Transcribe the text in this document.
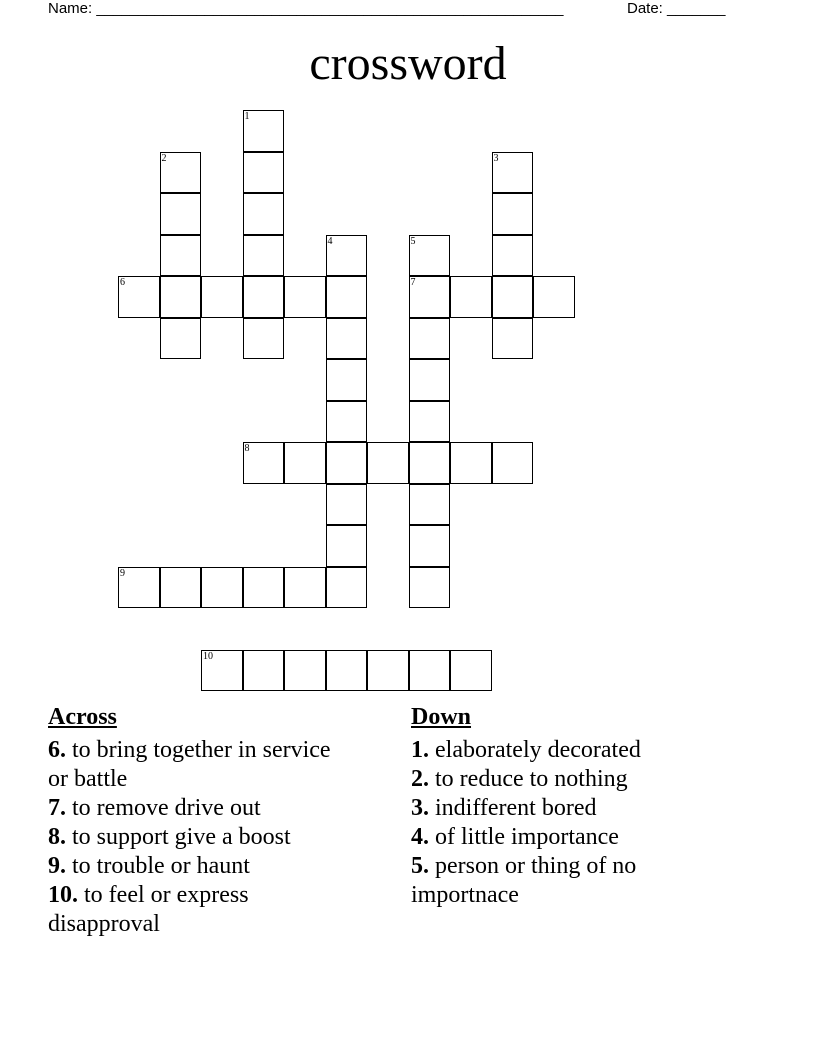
Name: ________________________________________________________	Date: _______
crossword
1
2	3
4	5
7
6
8
9
10
Across
6. to bring together in service or battle
7. to remove drive out
8. to support give a boost
9. to trouble or haunt
10. to feel or express disapproval
Down
1. elaborately decorated
2. to reduce to nothing
3. indifferent bored
4. of little importance
5. person or thing of no importnace
